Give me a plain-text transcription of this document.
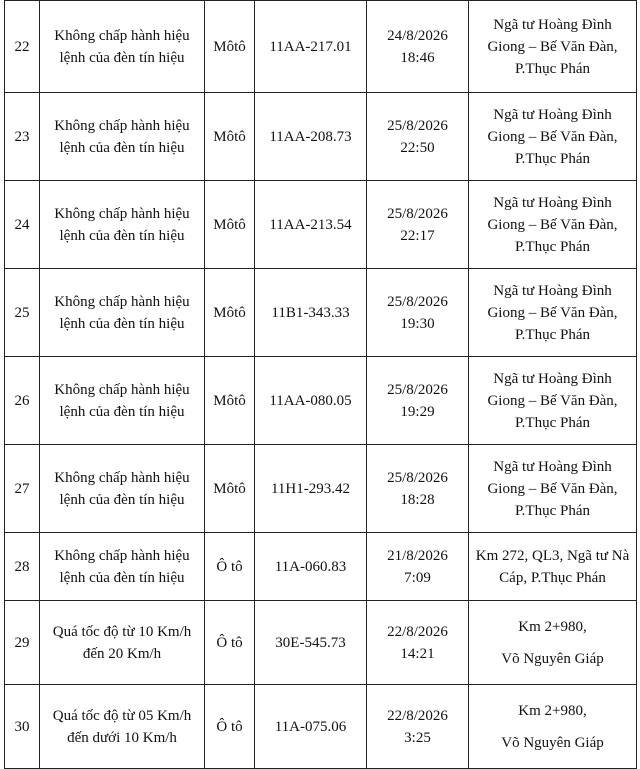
22	Không chấp hành hiệu
lệnh của đèn tín hiệu	Môtô	11AA-217.01	24/8/2026
18:46	Ngã tư Hoàng Đình
Giong – Bế Văn Đàn,
P.Thục Phán

23	Không chấp hành hiệu
lệnh của đèn tín hiệu	Môtô	11AA-208.73	25/8/2026
22:50	Ngã tư Hoàng Đình
Giong – Bế Văn Đàn,
P.Thục Phán

24	Không chấp hành hiệu
lệnh của đèn tín hiệu	Môtô	11AA-213.54	25/8/2026
22:17	Ngã tư Hoàng Đình
Giong – Bế Văn Đàn,
P.Thục Phán

25	Không chấp hành hiệu
lệnh của đèn tín hiệu	Môtô	11B1-343.33	25/8/2026
19:30	Ngã tư Hoàng Đình
Giong – Bế Văn Đàn,
P.Thục Phán

26	Không chấp hành hiệu
lệnh của đèn tín hiệu	Môtô	11AA-080.05	25/8/2026
19:29	Ngã tư Hoàng Đình
Giong – Bế Văn Đàn,
P.Thục Phán

27	Không chấp hành hiệu
lệnh của đèn tín hiệu	Môtô	11H1-293.42	25/8/2026
18:28	Ngã tư Hoàng Đình
Giong – Bế Văn Đàn,
P.Thục Phán

28	Không chấp hành hiệu
lệnh của đèn tín hiệu	Ô tô	11A-060.83	21/8/2026
7:09	Km 272, QL3, Ngã tư Nà
Cáp, P.Thục Phán

29	Quá tốc độ từ 10 Km/h
đến 20 Km/h	Ô tô	30E-545.73	22/8/2026
14:21	Km 2+980,
Võ Nguyên Giáp

30	Quá tốc độ từ 05 Km/h
đến dưới 10 Km/h	Ô tô	11A-075.06	22/8/2026
3:25	Km 2+980,
Võ Nguyên Giáp
